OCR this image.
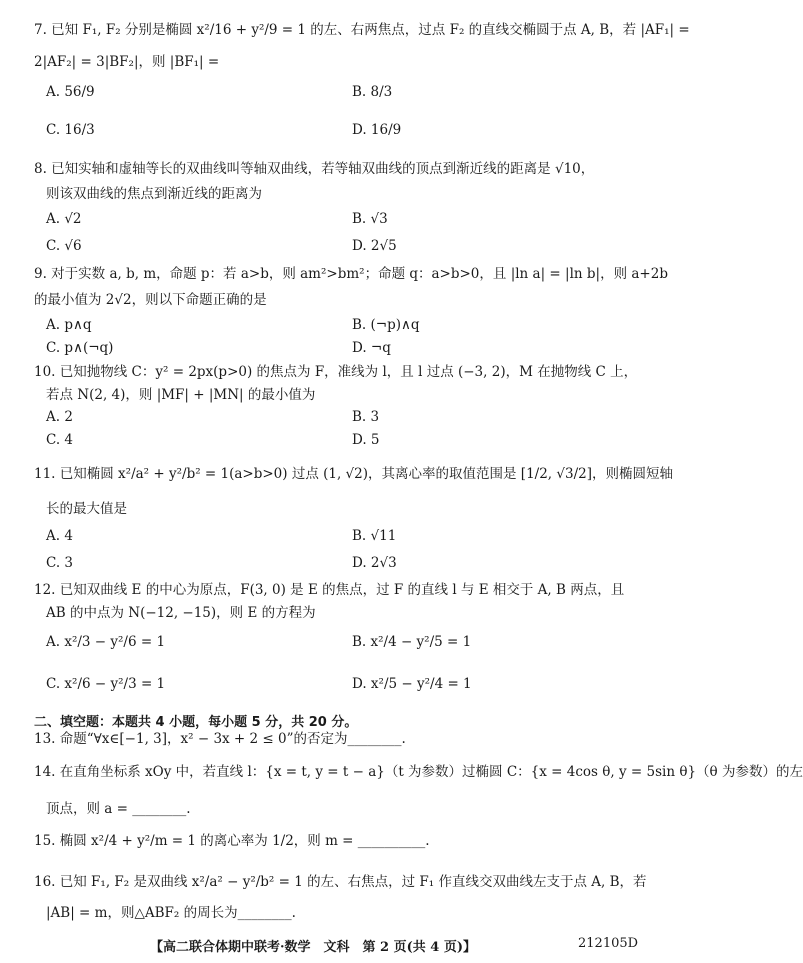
7. 已知 F₁, F₂ 分别是椭圆 x²/16 + y²/9 = 1 的左、右两焦点，过点 F₂ 的直线交椭圆于点 A, B，若 |AF₁| =
2|AF₂| = 3|BF₂|，则 |BF₁| =
A. 56/9	B. 8/3
C. 16/3	D. 16/9
8. 已知实轴和虚轴等长的双曲线叫等轴双曲线，若等轴双曲线的顶点到渐近线的距离是 √10，
则该双曲线的焦点到渐近线的距离为
A. √2	B. √3
C. √6	D. 2√5
9. 对于实数 a, b, m，命题 p：若 a>b，则 am²>bm²；命题 q：a>b>0，且 |ln a| = |ln b|，则 a+2b
的最小值为 2√2，则以下命题正确的是
A. p∧q	B. (¬p)∧q
C. p∧(¬q)	D. ¬q
10. 已知抛物线 C：y² = 2px(p>0) 的焦点为 F，准线为 l，且 l 过点 (−3, 2)，M 在抛物线 C 上，
若点 N(2, 4)，则 |MF| + |MN| 的最小值为
A. 2	B. 3
C. 4	D. 5
11. 已知椭圆 x²/a² + y²/b² = 1(a>b>0) 过点 (1, √2)，其离心率的取值范围是 [1/2, √3/2]，则椭圆短轴
长的最大值是
A. 4	B. √11
C. 3	D. 2√3
12. 已知双曲线 E 的中心为原点，F(3, 0) 是 E 的焦点，过 F 的直线 l 与 E 相交于 A, B 两点，且
AB 的中点为 N(−12, −15)，则 E 的方程为
A. x²/3 − y²/6 = 1	B. x²/4 − y²/5 = 1
C. x²/6 − y²/3 = 1	D. x²/5 − y²/4 = 1
二、填空题：本题共 4 小题，每小题 5 分，共 20 分。
13. 命题“∀x∈[−1, 3]，x² − 3x + 2 ≤ 0”的否定为________.
14. 在直角坐标系 xOy 中，若直线 l：{x = t, y = t − a}（t 为参数）过椭圆 C：{x = 4cos θ, y = 5sin θ}（θ 为参数）的左
顶点，则 a = ________.
15. 椭圆 x²/4 + y²/m = 1 的离心率为 1/2，则 m = __________.
16. 已知 F₁, F₂ 是双曲线 x²/a² − y²/b² = 1 的左、右焦点，过 F₁ 作直线交双曲线左支于点 A, B，若
|AB| = m，则△ABF₂ 的周长为________.
【高二联合体期中联考·数学　文科　第 2 页(共 4 页)】	212105D
